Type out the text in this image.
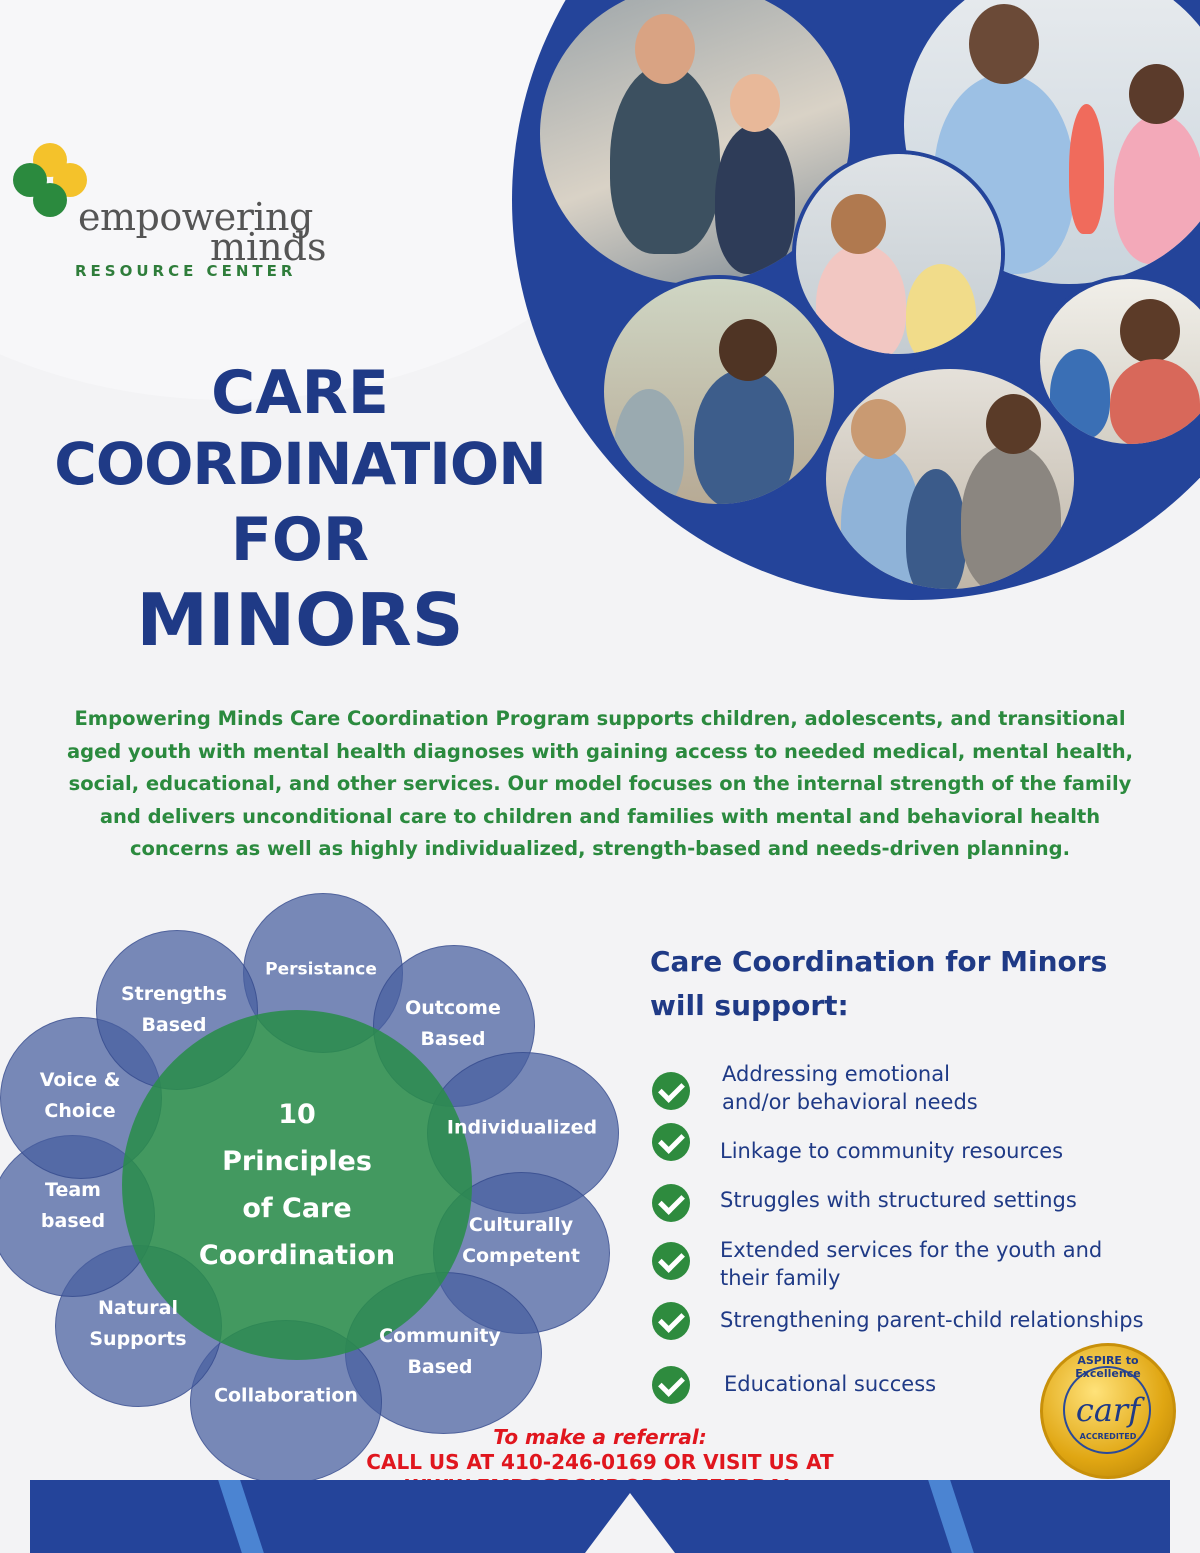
empowering
minds
RESOURCE CENTER
CARE
COORDINATION
FOR
MINORS
Empowering Minds Care Coordination Program supports children, adolescents, and transitional aged youth with mental health diagnoses with gaining access to needed medical, mental health, social, educational, and other services. Our model focuses on the internal strength of the family and delivers unconditional care to children and families with mental and behavioral health concerns as well as highly individualized, strength-based and needs-driven planning.
Persistance
Outcome Based
Individualized
Culturally Competent
Community Based
Collaboration
Natural Supports
Team based
Voice & Choice
Strengths Based
10
Principles
of Care
Coordination
Care Coordination for Minors
will support:
Addressing emotional and/or behavioral needs
Linkage to community resources
Struggles with structured settings
Extended services for the youth and their family
Strengthening parent-child relationships
Educational success
ASPIRE to Excellence
carf
ACCREDITED
To make a referral:
CALL US AT 410-246-0169 OR VISIT US AT
